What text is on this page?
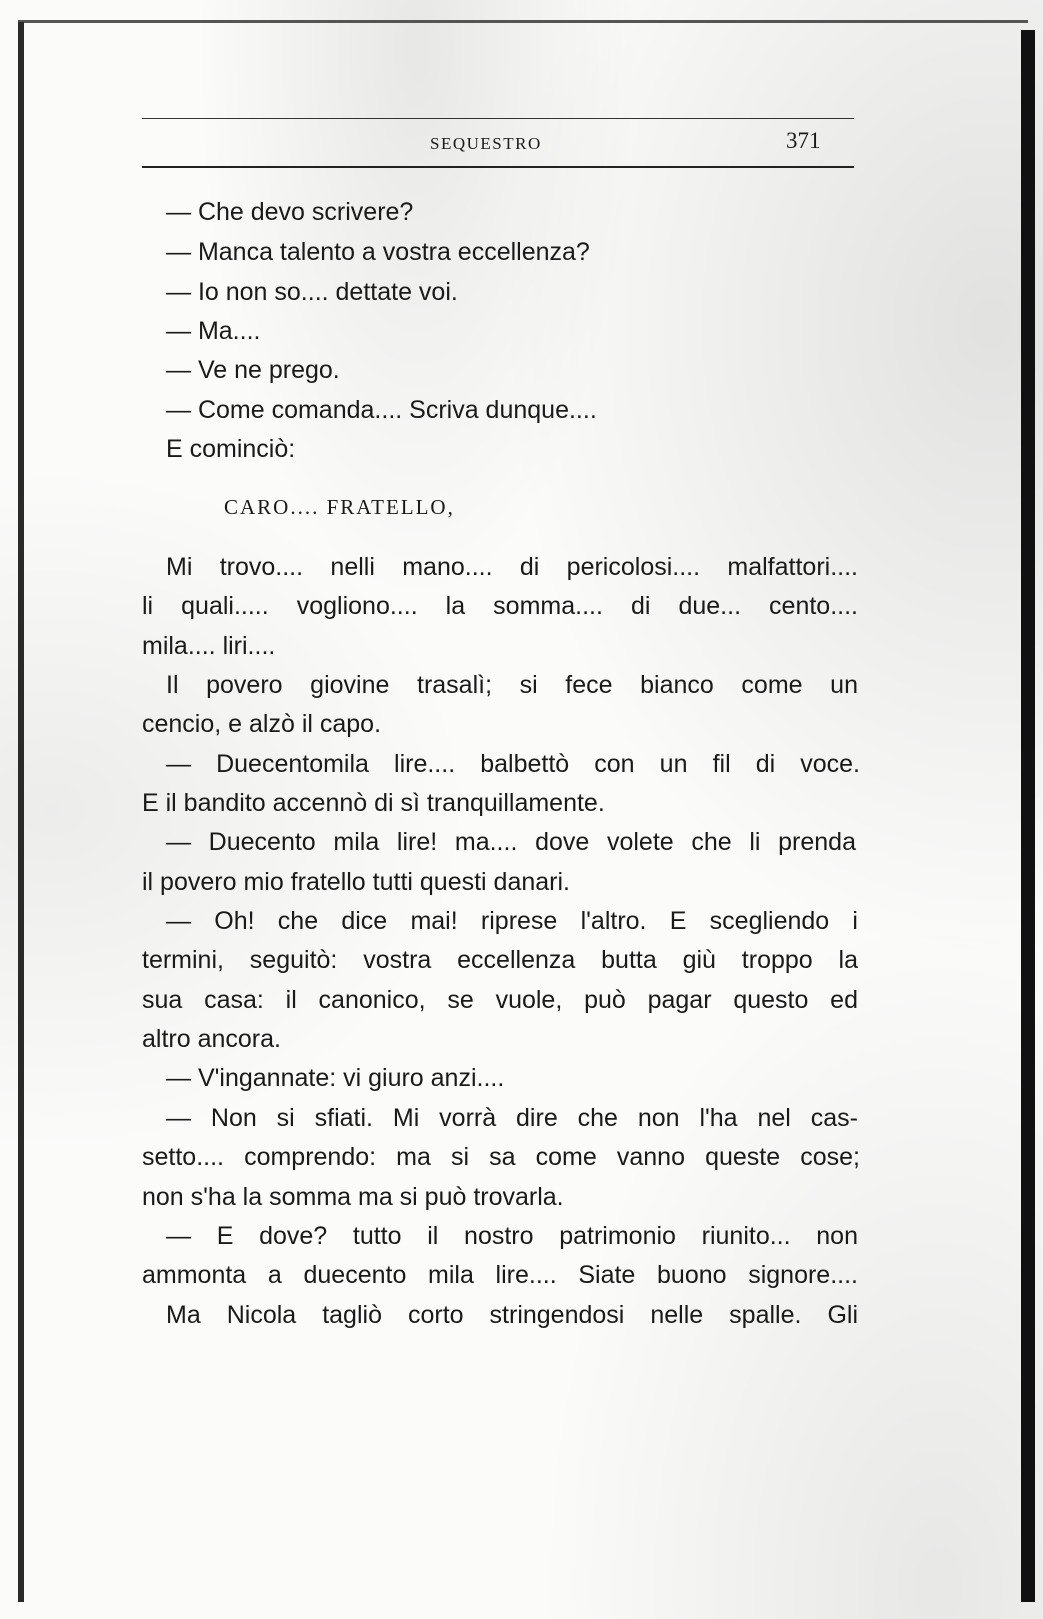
SEQUESTRO	371
— Che devo scrivere?
— Manca talento a vostra eccellenza?
— Io non so.... dettate voi.
— Ma....
— Ve ne prego.
— Come comanda.... Scriva dunque....
E cominciò:
CARO.... FRATELLO,
Mi trovo.... nelli mano.... di pericolosi.... malfattori....
li quali..... vogliono.... la somma.... di due... cento....
mila.... liri....
Il povero giovine trasalì; si fece bianco come un
cencio, e alzò il capo.
— Duecentomila lire.... balbettò con un fil di voce.
E il bandito accennò di sì tranquillamente.
— Duecento mila lire! ma.... dove volete che li prenda
il povero mio fratello tutti questi danari.
— Oh! che dice mai! riprese l'altro. E scegliendo i
termini, seguitò: vostra eccellenza butta giù troppo la
sua casa: il canonico, se vuole, può pagar questo ed
altro ancora.
— V'ingannate: vi giuro anzi....
— Non si sfiati. Mi vorrà dire che non l'ha nel cas-
setto.... comprendo: ma si sa come vanno queste cose;
non s'ha la somma ma si può trovarla.
— E dove? tutto il nostro patrimonio riunito... non
ammonta a duecento mila lire.... Siate buono signore....
Ma Nicola tagliò corto stringendosi nelle spalle. Gli
